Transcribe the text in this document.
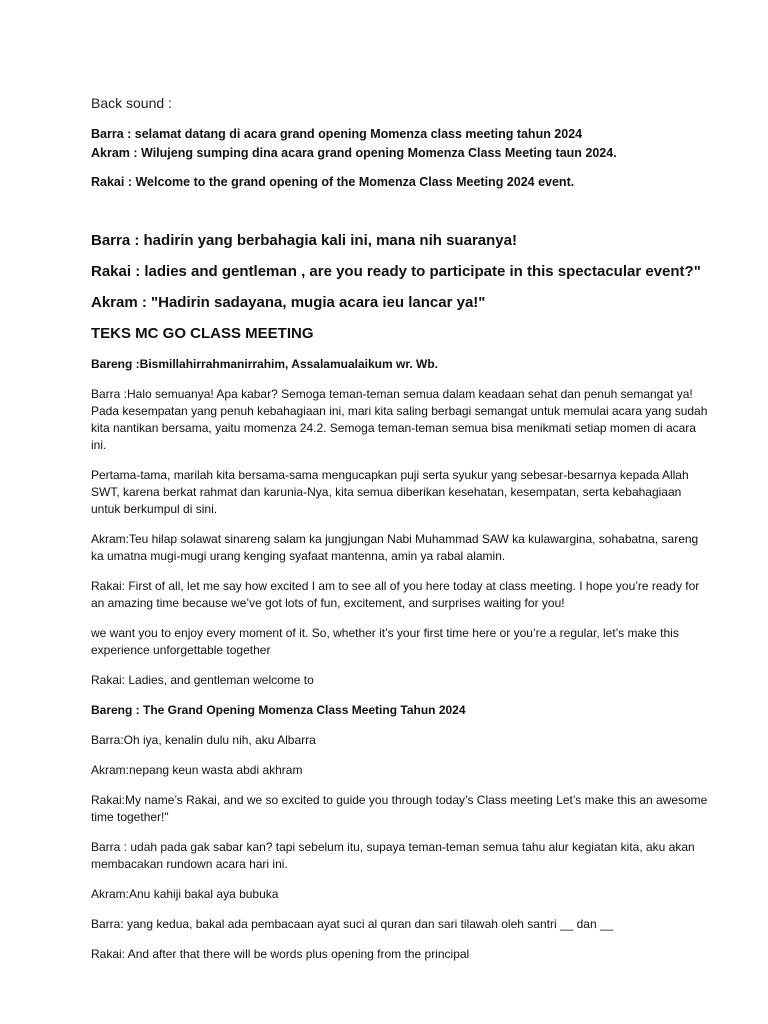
Back sound :

Barra : selamat datang di acara grand opening Momenza class meeting tahun 2024

Akram : Wilujeng sumping dina acara grand opening Momenza Class Meeting taun 2024.

Rakai : Welcome to the grand opening of the Momenza Class Meeting 2024 event.

Barra : hadirin yang berbahagia kali ini, mana nih suaranya!

Rakai : ladies and gentleman , are you ready to participate in this spectacular event?"

Akram : "Hadirin sadayana, mugia acara ieu lancar ya!"

TEKS MC GO CLASS MEETING

Bareng :Bismillahirrahmanirrahim, Assalamualaikum wr. Wb.

Barra :Halo semuanya! Apa kabar? Semoga teman-teman semua dalam keadaan sehat dan penuh semangat ya! Pada kesempatan yang penuh kebahagiaan ini, mari kita saling berbagi semangat untuk memulai acara yang sudah kita nantikan bersama, yaitu momenza 24.2. Semoga teman-teman semua bisa menikmati setiap momen di acara ini.

Pertama-tama, marilah kita bersama-sama mengucapkan puji serta syukur yang sebesar-besarnya kepada Allah SWT, karena berkat rahmat dan karunia-Nya, kita semua diberikan kesehatan, kesempatan, serta kebahagiaan untuk berkumpul di sini.

Akram:Teu hilap solawat sinareng salam ka jungjungan Nabi Muhammad SAW ka kulawargina, sohabatna, sareng ka umatna mugi-mugi urang kenging syafaat mantenna, amin ya rabal alamin.

Rakai: First of all, let me say how excited I am to see all of you here today at class meeting. I hope you’re ready for an amazing time because we’ve got lots of fun, excitement, and surprises waiting for you!

we want you to enjoy every moment of it. So, whether it’s your first time here or you’re a regular, let’s make this experience unforgettable together

Rakai: Ladies, and gentleman welcome to

Bareng : The Grand Opening Momenza Class Meeting Tahun 2024

Barra:Oh iya, kenalin dulu nih, aku Albarra

Akram:nepang keun wasta abdi akhram

Rakai:My name’s Rakai, and we so excited to guide you through today’s Class meeting Let’s make this an awesome time together!"

Barra : udah pada gak sabar kan? tapi sebelum itu, supaya teman-teman semua tahu alur kegiatan kita, aku akan membacakan rundown acara hari ini.

Akram:Anu kahiji bakal aya bubuka

Barra: yang kedua, bakal ada pembacaan ayat suci al quran dan sari tilawah oleh santri __ dan __

Rakai: And after that there will be words plus opening from the principal
